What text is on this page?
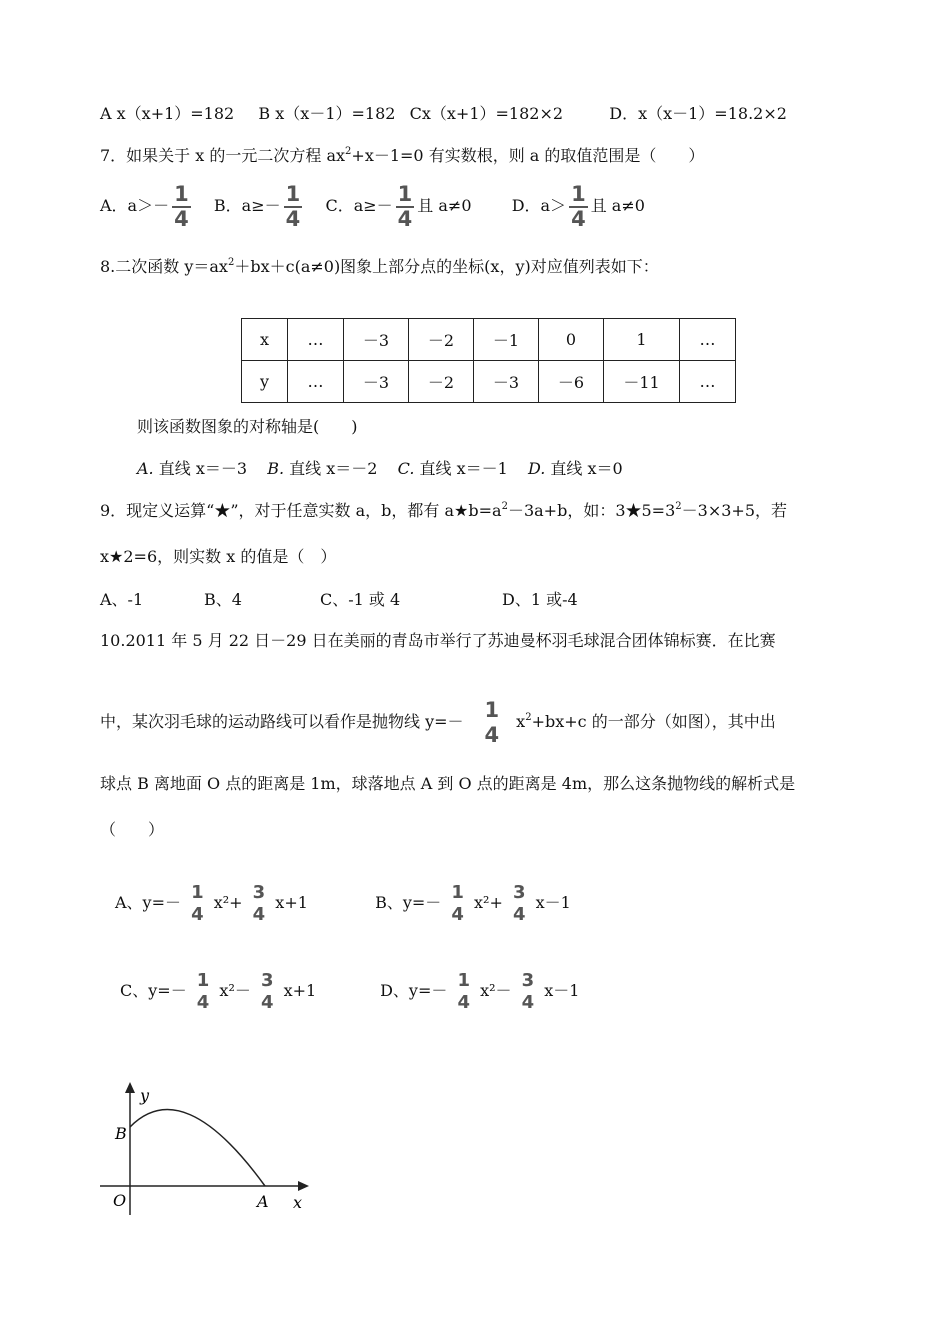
A x（x+1）=182 B x（x－1）=182 Cx（x+1）=182×2	D．x（x－1）=18.2×2
7．如果关于 x 的一元二次方程 $ax^2+x-1=0$ 有实数根，则 a 的取值范围是（　　）
A．$a>- \frac{1}{4}$ B．$a\ge- \frac{1}{4}$ C．$a\ge- \frac{1}{4}$ 且 a≠0	D．$a> \frac{1}{4}$ 且 a≠0
8.二次函数 $y=ax^2+bx+c(a\ne 0)$图象上部分点的坐标(x，y)对应值列表如下：
x	…	－3	－2	－1	0	1	…
y	…	－3	－2	－3	－6	－11	…
则该函数图象的对称轴是(　　)
A. 直线 x＝－3 B. 直线 x＝－2 C. 直线 x＝－1 D. 直线 x＝0
9．现定义运算“★”，对于任意实数 a，b，都有 $a★b=a^2-3a+b$，如：$3★5=3^2-3\times 3+5$，若
x★2=6，则实数 x 的值是（　）
A、-1	B、4	C、-1 或 4	D、1 或-4
10.2011 年 5 月 22 日－29 日在美丽的青岛市举行了苏迪曼杯羽毛球混合团体锦标赛．在比赛
中，某次羽毛球的运动路线可以看作是抛物线 y=－ 1
4
$x^2+bx+c$ 的一部分（如图），其中出
球点 B 离地面 O 点的距离是 1m，球落地点 A 到 O 点的距离是 4m，那么这条抛物线的解析式是
（　　）
A、y=－ 1
4
x²+ 3
4
x+1	B、y=－ 1
4
x²+ 3
4
x－1
C、y=－ 1
4
x²－ 3
4
x+1	D、y=－ 1
4
x²－ 3
4
x－1
y
B
O	A x
